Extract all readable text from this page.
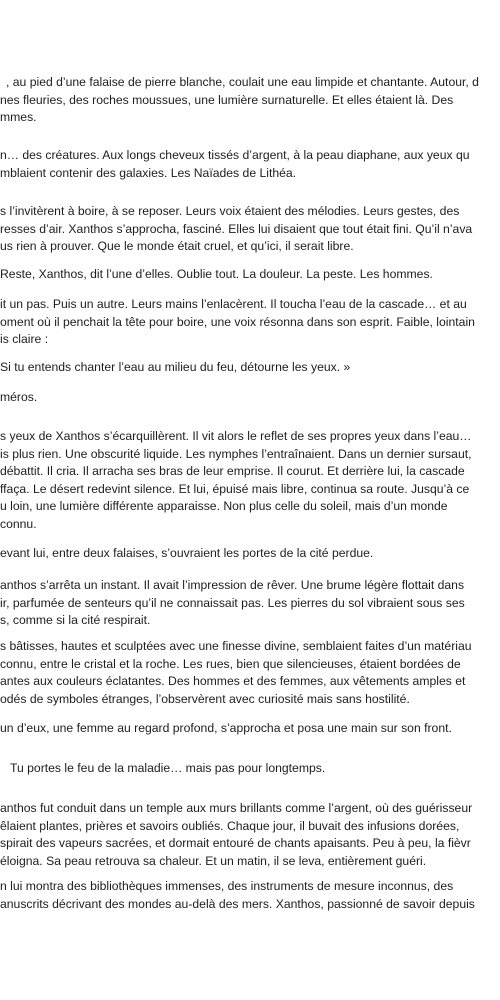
, au pied d’une falaise de pierre blanche, coulait une eau limpide et chantante. Autour, d
nes fleuries, des roches moussues, une lumière surnaturelle. Et elles étaient là. Des
mmes.
n… des créatures. Aux longs cheveux tissés d’argent, à la peau diaphane, aux yeux qu
mblaient contenir des galaxies. Les Naïades de Lithéa.
s l’invitèrent à boire, à se reposer. Leurs voix étaient des mélodies. Leurs gestes, des
resses d’air. Xanthos s’approcha, fasciné. Elles lui disaient que tout était fini. Qu’il n’ava
us rien à prouver. Que le monde était cruel, et qu’ici, il serait libre.
Reste, Xanthos, dit l’une d’elles. Oublie tout. La douleur. La peste. Les hommes.
it un pas. Puis un autre. Leurs mains l’enlacèrent. Il toucha l’eau de la cascade… et au
oment où il penchait la tête pour boire, une voix résonna dans son esprit. Faible, lointain
is claire :
Si tu entends chanter l’eau au milieu du feu, détourne les yeux. »
méros.
s yeux de Xanthos s’écarquillèrent. Il vit alors le reflet de ses propres yeux dans l’eau…
is plus rien. Une obscurité liquide. Les nymphes l’entraînaient. Dans un dernier sursaut,
débattit. Il cria. Il arracha ses bras de leur emprise. Il courut. Et derrière lui, la cascade
ffaça. Le désert redevint silence. Et lui, épuisé mais libre, continua sa route. Jusqu’à ce
u loin, une lumière différente apparaisse. Non plus celle du soleil, mais d’un monde
connu.
evant lui, entre deux falaises, s’ouvraient les portes de la cité perdue.
anthos s’arrêta un instant. Il avait l’impression de rêver. Une brume légère flottait dans
ir, parfumée de senteurs qu’il ne connaissait pas. Les pierres du sol vibraient sous ses
s, comme si la cité respirait.
s bâtisses, hautes et sculptées avec une finesse divine, semblaient faites d’un matériau
connu, entre le cristal et la roche. Les rues, bien que silencieuses, étaient bordées de
antes aux couleurs éclatantes. Des hommes et des femmes, aux vêtements amples et
odés de symboles étranges, l’observèrent avec curiosité mais sans hostilité.
un d’eux, une femme au regard profond, s’approcha et posa une main sur son front.
Tu portes le feu de la maladie… mais pas pour longtemps.
anthos fut conduit dans un temple aux murs brillants comme l’argent, où des guérisseur
êlaient plantes, prières et savoirs oubliés. Chaque jour, il buvait des infusions dorées,
spirait des vapeurs sacrées, et dormait entouré de chants apaisants. Peu à peu, la fièvr
éloigna. Sa peau retrouva sa chaleur. Et un matin, il se leva, entièrement guéri.
n lui montra des bibliothèques immenses, des instruments de mesure inconnus, des
anuscrits décrivant des mondes au-delà des mers. Xanthos, passionné de savoir depuis
